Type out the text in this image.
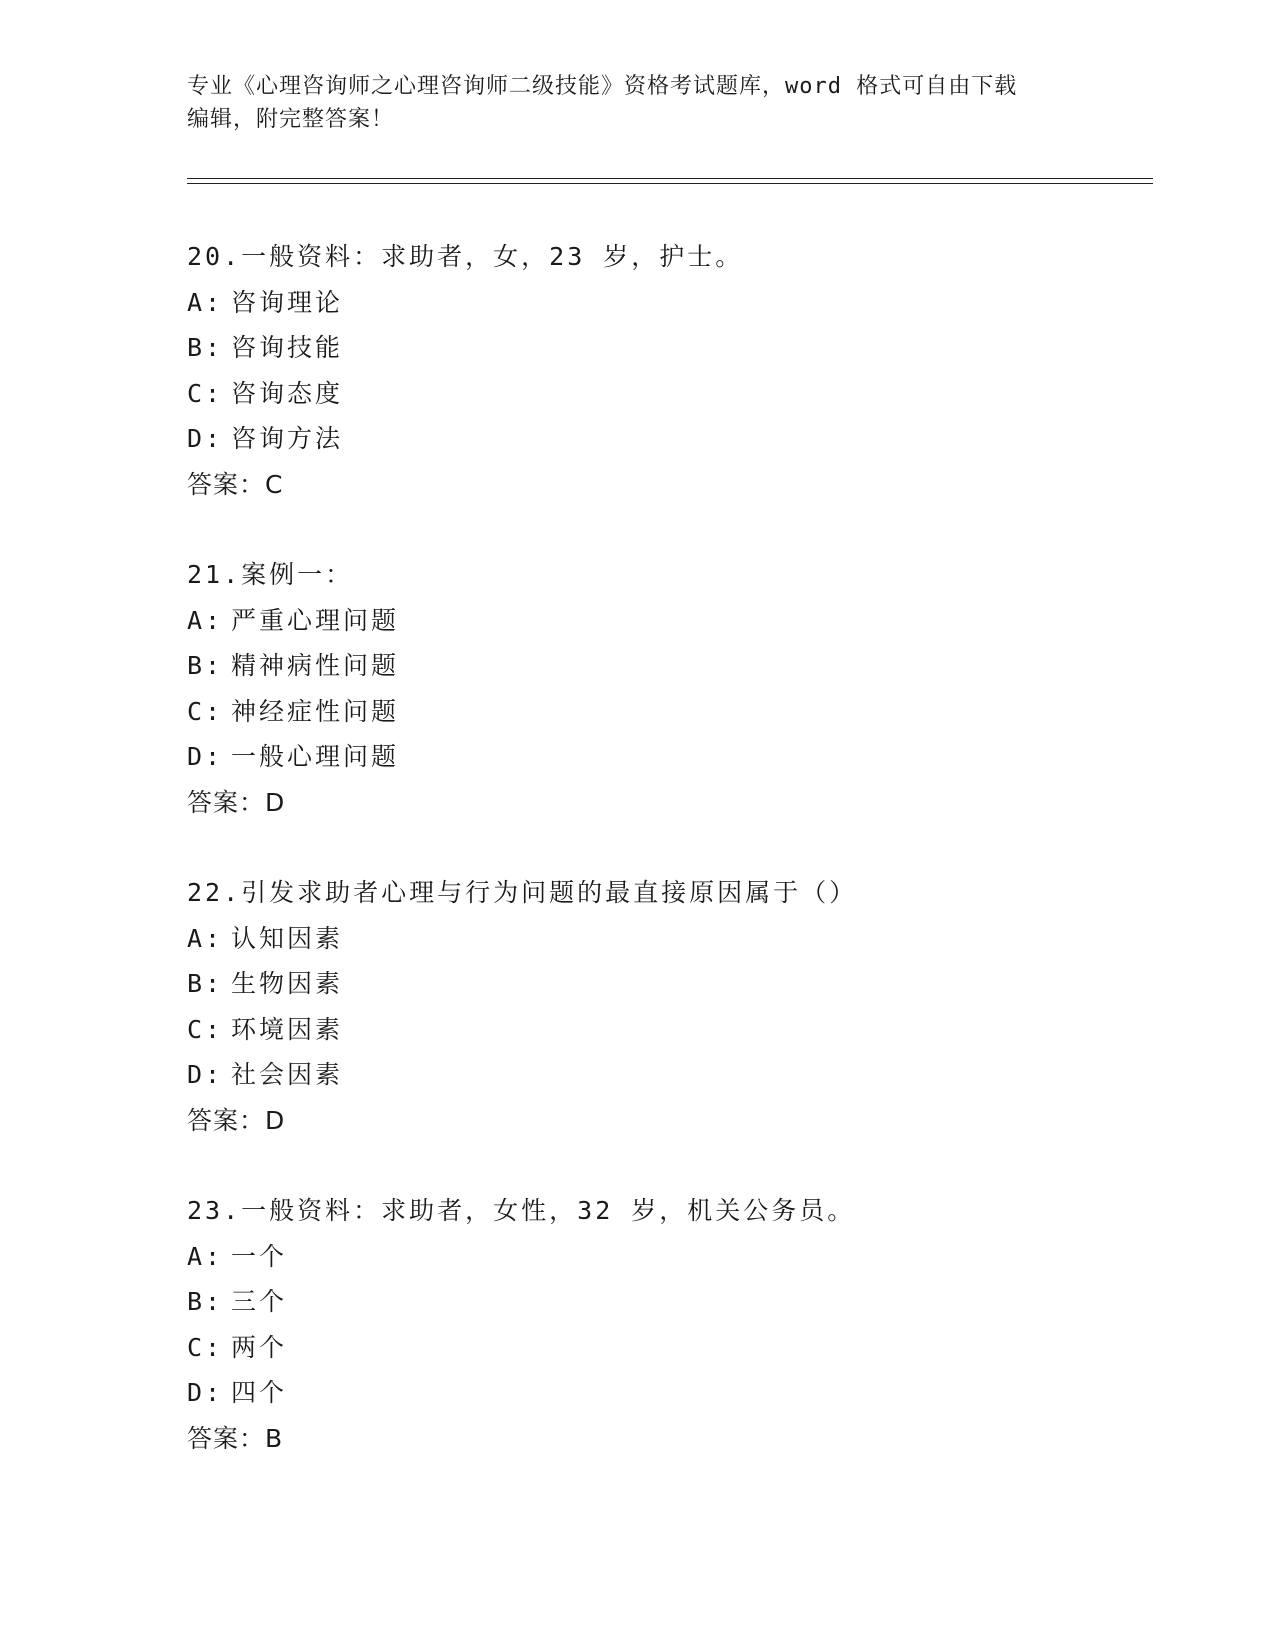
专业《心理咨询师之心理咨询师二级技能》资格考试题库，word 格式可自由下载
编辑，附完整答案！
20.一般资料：求助者，女，23 岁，护士。
A: 咨询理论
B: 咨询技能
C: 咨询态度
D: 咨询方法
答案：C
21.案例一：
A: 严重心理问题
B: 精神病性问题
C: 神经症性问题
D: 一般心理问题
答案：D
22.引发求助者心理与行为问题的最直接原因属于（）
A: 认知因素
B: 生物因素
C: 环境因素
D: 社会因素
答案：D
23.一般资料：求助者，女性，32 岁，机关公务员。
A: 一个
B: 三个
C: 两个
D: 四个
答案：B
